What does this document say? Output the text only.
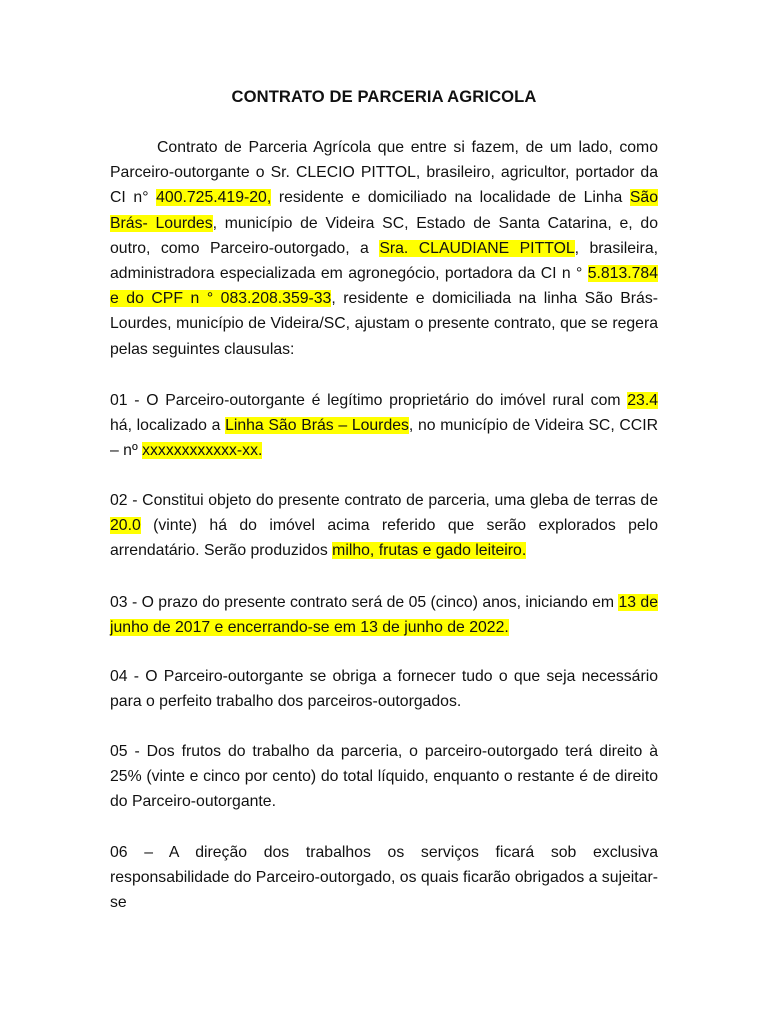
CONTRATO DE PARCERIA AGRICOLA

Contrato de Parceria Agrícola que entre si fazem, de um lado, como Parceiro-outorgante o Sr. CLECIO PITTOL, brasileiro, agricultor, portador da CI n° 400.725.419-20, residente e domiciliado na localidade de Linha São Brás- Lourdes, município de Videira SC, Estado de Santa Catarina, e, do outro, como Parceiro-outorgado, a Sra. CLAUDIANE PITTOL, brasileira, administradora especializada em agronegócio, portadora da CI n ° 5.813.784 e do CPF n ° 083.208.359-33, residente e domiciliada na linha São Brás- Lourdes, município de Videira/SC, ajustam o presente contrato, que se regera pelas seguintes clausulas:

01 - O Parceiro-outorgante é legítimo proprietário do imóvel rural com 23.4 há, localizado a Linha São Brás – Lourdes, no município de Videira SC, CCIR – nº xxxxxxxxxxxx-xx.

02 - Constitui objeto do presente contrato de parceria, uma gleba de terras de 20.0 (vinte) há do imóvel acima referido que serão explorados pelo arrendatário. Serão produzidos milho, frutas e gado leiteiro.

03 - O prazo do presente contrato será de 05 (cinco) anos, iniciando em 13 de junho de 2017 e encerrando-se em 13 de junho de 2022.

04 - O Parceiro-outorgante se obriga a fornecer tudo o que seja necessário para o perfeito trabalho dos parceiros-outorgados.

05 - Dos frutos do trabalho da parceria, o parceiro-outorgado terá direito à 25% (vinte e cinco por cento) do total líquido, enquanto o restante é de direito do Parceiro-outorgante.

06 – A direção dos trabalhos os serviços ficará sob exclusiva responsabilidade do Parceiro-outorgado, os quais ficarão obrigados a sujeitar-se
